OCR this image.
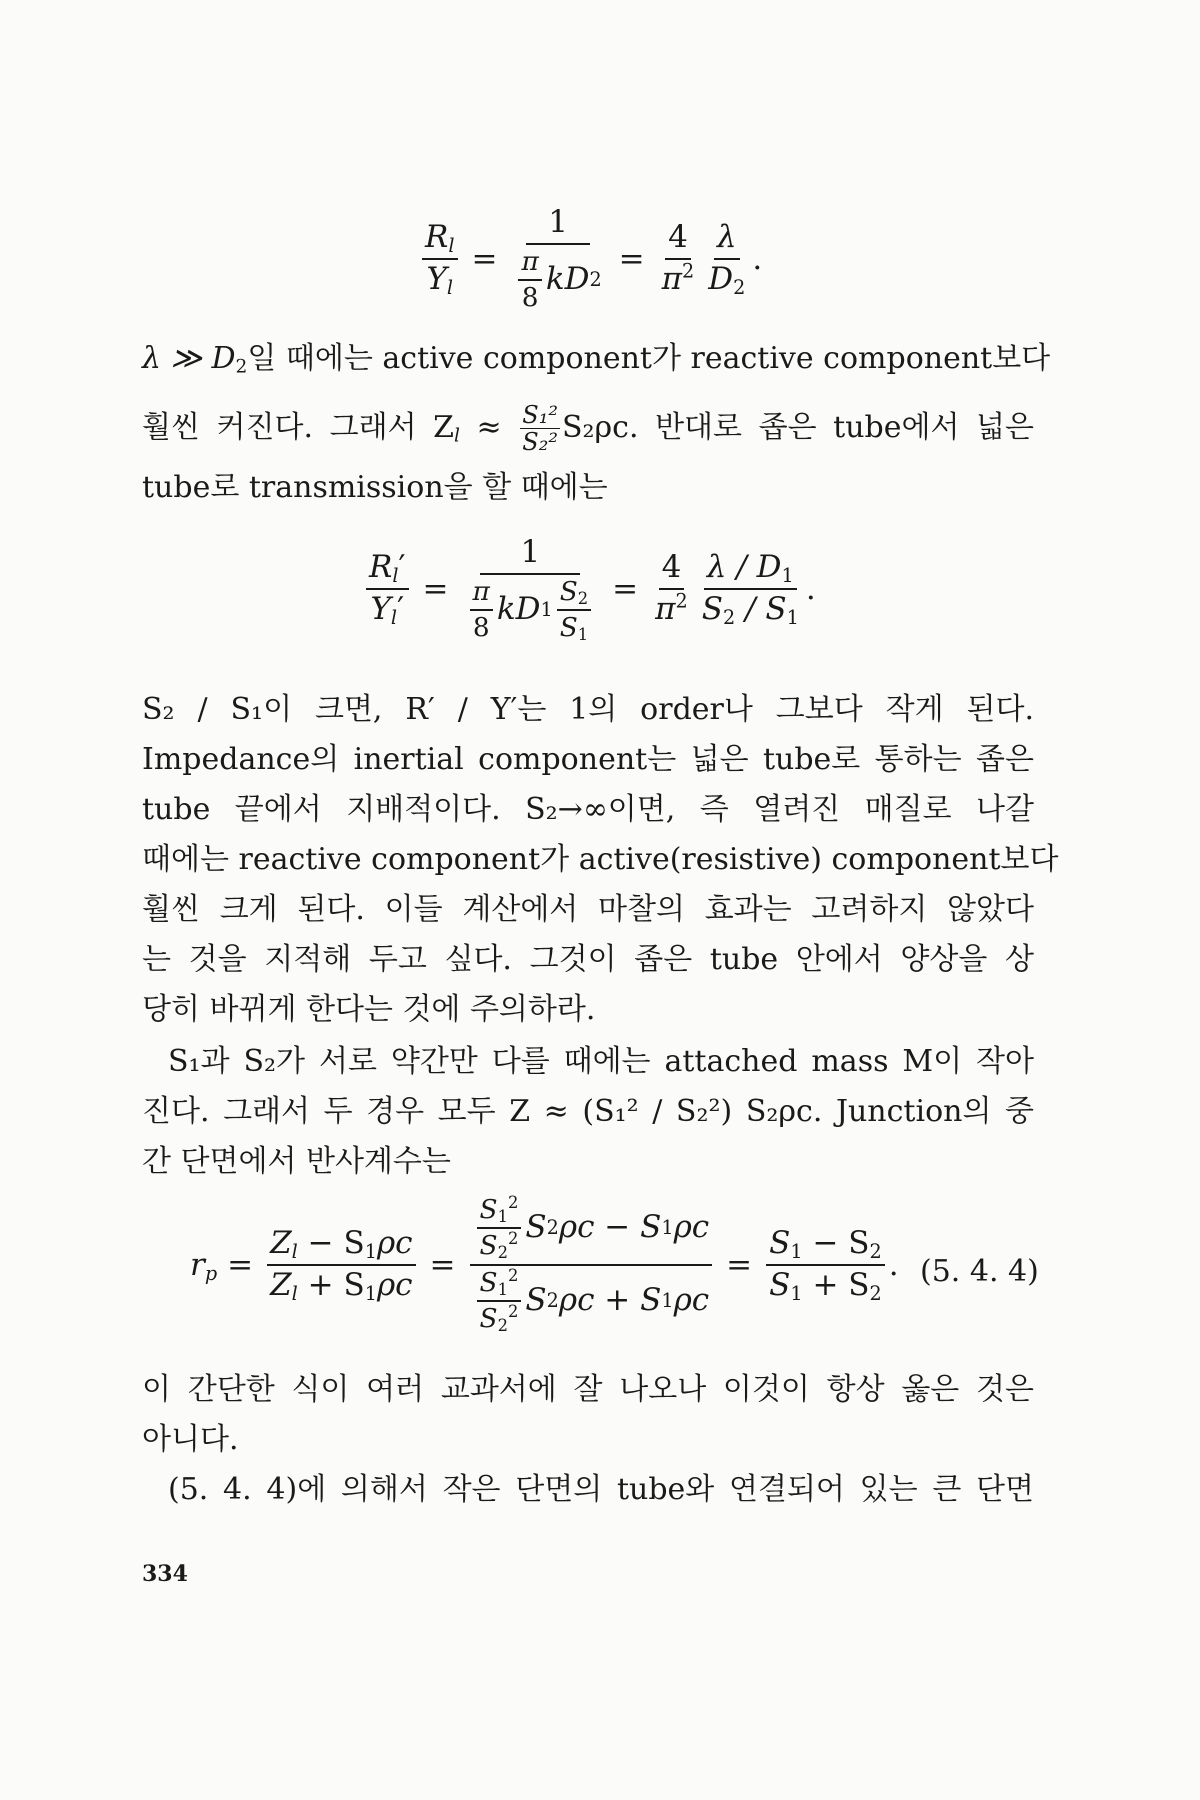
$\frac{R_l}{Y_l} = \frac{1}{\frac{\pi}{8} kD 2} = \frac{4}{\pi^2} \frac{\lambda}{D_2}$ .
λ ≫ $D_2$일 때에는 active component가 reactive component보다
훨씬 커진다. 그래서 $Z_l \approx \frac{\text{S₁²}}{\text{S₂²}} S_2\rho c$. 반대로 좁은 tube에서 넓은
tube로 transmission을 할 때에는
$\frac{R_l'}{Y_l'} = \frac{1}{\frac{\pi}{8} kD 1 \frac{S_2}{S_1}} = \frac{4}{\pi^2} \frac{\lambda / D_1}{S_2 / S_1}$ .
S₂ / S₁이 크면, R′ / Y′는 1의 order나 그보다 작게 된다.
Impedance의 inertial component는 넓은 tube로 통하는 좁은
tube 끝에서 지배적이다. S₂→∞이면, 즉 열려진 매질로 나갈
때에는 reactive component가 active(resistive) component보다
훨씬 크게 된다. 이들 계산에서 마찰의 효과는 고려하지 않았다
는 것을 지적해 두고 싶다. 그것이 좁은 tube 안에서 양상을 상
당히 바뀌게 한다는 것에 주의하라.
S₁과 S₂가 서로 약간만 다를 때에는 attached mass M이 작아
진다. 그래서 두 경우 모두 Z ≈ (S₁² / S₂²) S₂ρc. Junction의 중
간 단면에서 반사계수는
$r_p = \frac{Z_l - S_1\rho c}{Z_l + S_1\rho c} = \frac{\frac{S_1^2}{S_2^2} S 2 \rho c - S 1 \rho c}{\frac{S_1^2}{S_2^2} S 2 \rho c + S 1 \rho c} = \frac{S_1 - S_2}{S_1 + S_2}$ . (5. 4. 4)
이 간단한 식이 여러 교과서에 잘 나오나 이것이 항상 옳은 것은
아니다.
(5. 4. 4)에 의해서 작은 단면의 tube와 연결되어 있는 큰 단면
334
